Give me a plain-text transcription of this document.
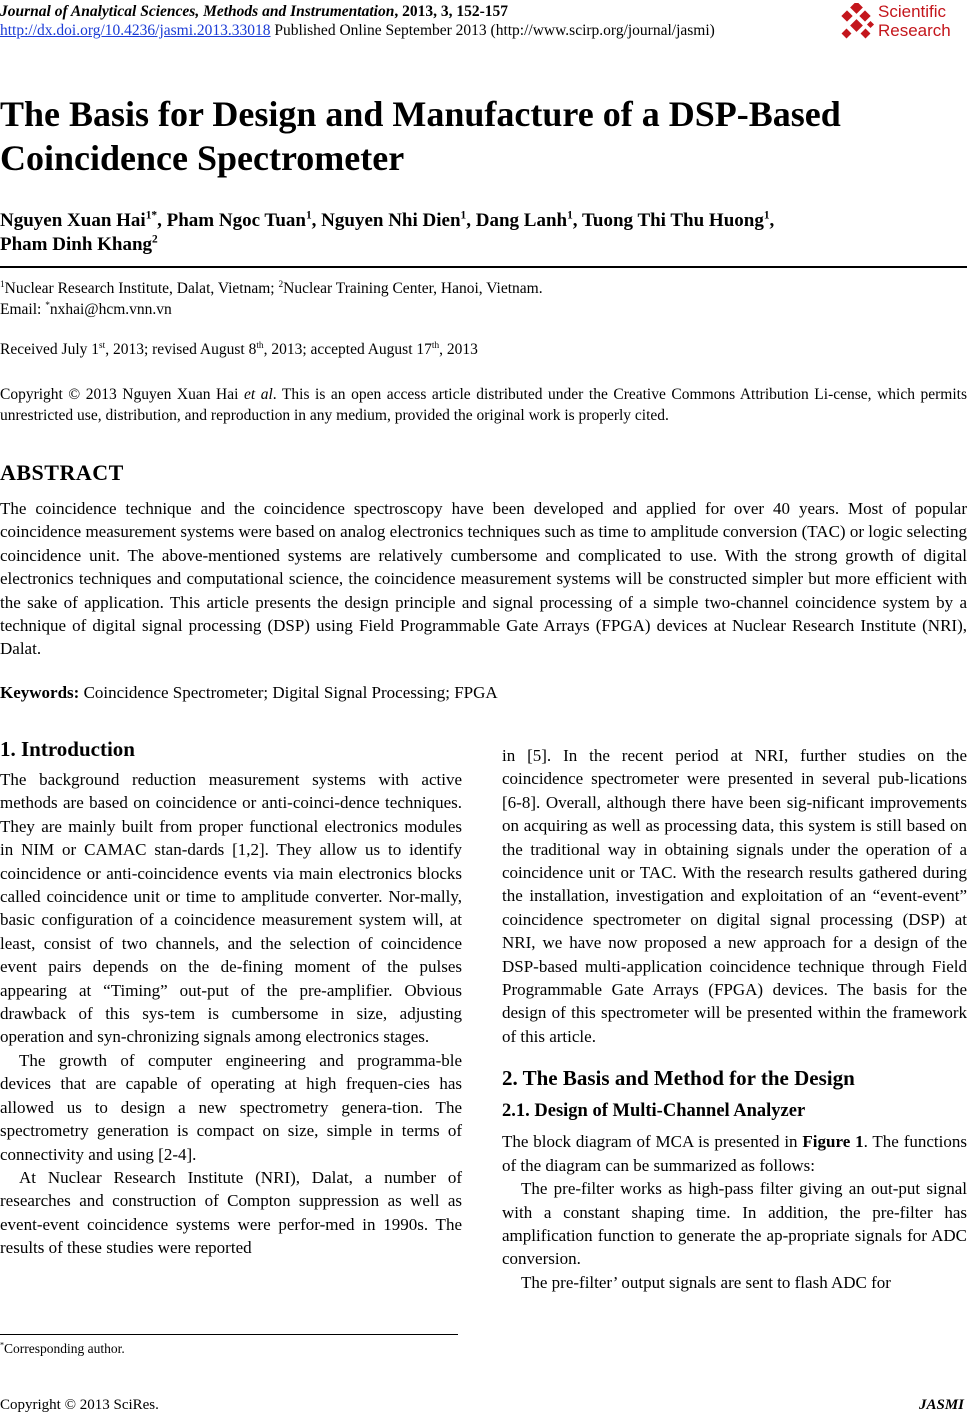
Journal of Analytical Sciences, Methods and Instrumentation, 2013, 3, 152-157
http://dx.doi.org/10.4236/jasmi.2013.33018 Published Online September 2013 (http://www.scirp.org/journal/jasmi)
Scientific
Research
The Basis for Design and Manufacture of a DSP-Based Coincidence Spectrometer
Nguyen Xuan Hai$^{1*}$, Pham Ngoc Tuan$^1$, Nguyen Nhi Dien$^1$, Dang Lanh$^1$, Tuong Thi Thu Huong$^1$,
Pham Dinh Khang$^2$
$^1$Nuclear Research Institute, Dalat, Vietnam; $^2$Nuclear Training Center, Hanoi, Vietnam.
Email: *nxhai@hcm.vnn.vn
Received July 1st, 2013; revised August 8th, 2013; accepted August 17th, 2013
Copyright © 2013 Nguyen Xuan Hai et al. This is an open access article distributed under the Creative Commons Attribution Li-cense, which permits unrestricted use, distribution, and reproduction in any medium, provided the original work is properly cited.
ABSTRACT

The coincidence technique and the coincidence spectroscopy have been developed and applied for over 40 years. Most of popular coincidence measurement systems were based on analog electronics techniques such as time to amplitude conversion (TAC) or logic selecting coincidence unit. The above-mentioned systems are relatively cumbersome and complicated to use. With the strong growth of digital electronics techniques and computational science, the coincidence measurement systems will be constructed simpler but more efficient with the sake of application. This article presents the design principle and signal processing of a simple two-channel coincidence system by a technique of digital signal processing (DSP) using Field Programmable Gate Arrays (FPGA) devices at Nuclear Research Institute (NRI), Dalat.

Keywords: Coincidence Spectrometer; Digital Signal Processing; FPGA
1. Introduction

The background reduction measurement systems with active methods are based on coincidence or anti-coinci-dence techniques. They are mainly built from proper functional electronics modules in NIM or CAMAC stan-dards [1,2]. They allow us to identify coincidence or anti-coincidence events via main electronics blocks called coincidence unit or time to amplitude converter. Nor-mally, basic configuration of a coincidence measurement system will, at least, consist of two channels, and the selection of coincidence event pairs depends on the de-fining moment of the pulses appearing at “Timing” out-put of the pre-amplifier. Obvious drawback of this sys-tem is cumbersome in size, adjusting operation and syn-chronizing signals among electronics stages.

The growth of computer engineering and programma-ble devices that are capable of operating at high frequen-cies has allowed us to design a new spectrometry genera-tion. The spectrometry generation is compact on size, simple in terms of connectivity and using [2-4].

At Nuclear Research Institute (NRI), Dalat, a number of researches and construction of Compton suppression as well as event-event coincidence systems were perfor-med in 1990s. The results of these studies were reported

in [5]. In the recent period at NRI, further studies on the coincidence spectrometer were presented in several pub-lications [6-8]. Overall, although there have been sig-nificant improvements on acquiring as well as processing data, this system is still based on the traditional way in obtaining signals under the operation of a coincidence unit or TAC. With the research results gathered during the installation, investigation and exploitation of an “event-event” coincidence spectrometer on digital signal processing (DSP) at NRI, we have now proposed a new approach for a design of the DSP-based multi-application coincidence technique through Field Programmable Gate Arrays (FPGA) devices. The basis for the design of this spectrometer will be presented within the framework of this article.

2. The Basis and Method for the Design
2.1. Design of Multi-Channel Analyzer

The block diagram of MCA is presented in Figure 1. The functions of the diagram can be summarized as follows:

The pre-filter works as high-pass filter giving an out-put signal with a constant shaping time. In addition, the pre-filter has amplification function to generate the ap-propriate signals for ADC conversion.

The pre-filter’ output signals are sent to flash ADC for

*Corresponding author.
Copyright © 2013 SciRes.	JASMI
